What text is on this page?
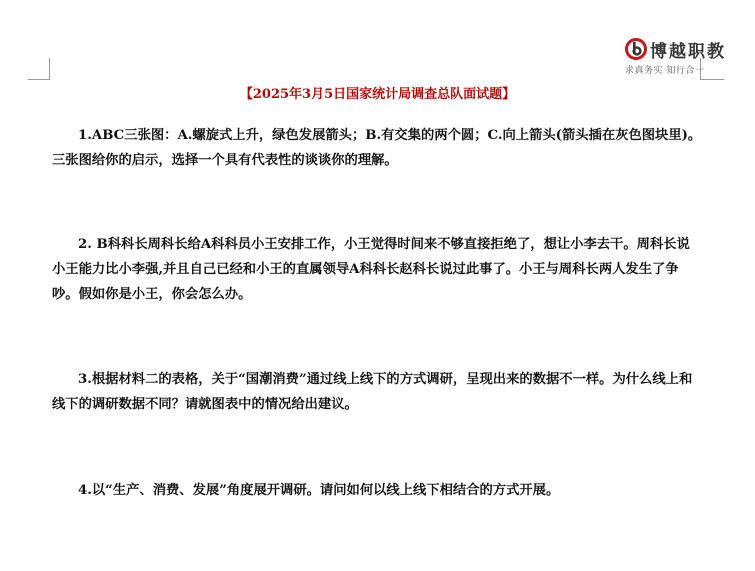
博越职教
求真务实 知行合一
【2025年3月5日国家统计局调查总队面试题】

1.ABC三张图：A.螺旋式上升，绿色发展箭头；B.有交集的两个圆；C.向上箭头(箭头插在灰色图块里)。三张图给你的启示，选择一个具有代表性的谈谈你的理解。

2. B科科长周科长给A科科员小王安排工作，小王觉得时间来不够直接拒绝了，想让小李去干。周科长说小王能力比小李强,并且自己已经和小王的直属领导A科科长赵科长说过此事了。小王与周科长两人发生了争吵。假如你是小王，你会怎么办。

3.根据材料二的表格，关于“国潮消费”通过线上线下的方式调研，呈现出来的数据不一样。为什么线上和线下的调研数据不同？请就图表中的情况给出建议。

4.以“生产、消费、发展”角度展开调研。请问如何以线上线下相结合的方式开展。
